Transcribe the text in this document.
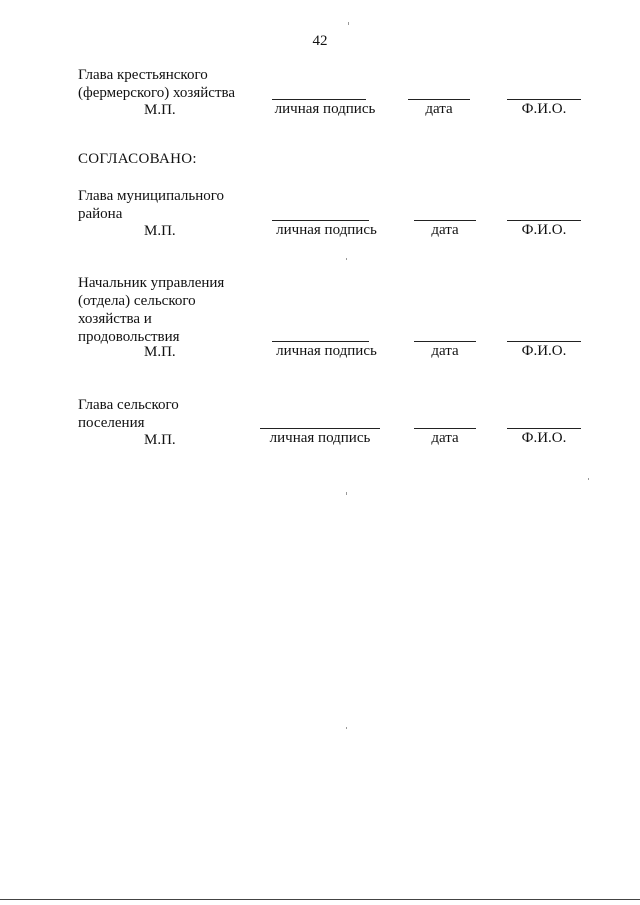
42
Глава крестьянского
(фермерского) хозяйства
М.П.	личная подпись	дата	Ф.И.О.
СОГЛАСОВАНО:
Глава муниципального
района
М.П.	личная подпись	дата	Ф.И.О.
Начальник управления
(отдела) сельского
хозяйства и
продовольствия
М.П.	личная подпись	дата	Ф.И.О.
Глава сельского
поселения
М.П.	личная подпись	дата	Ф.И.О.
